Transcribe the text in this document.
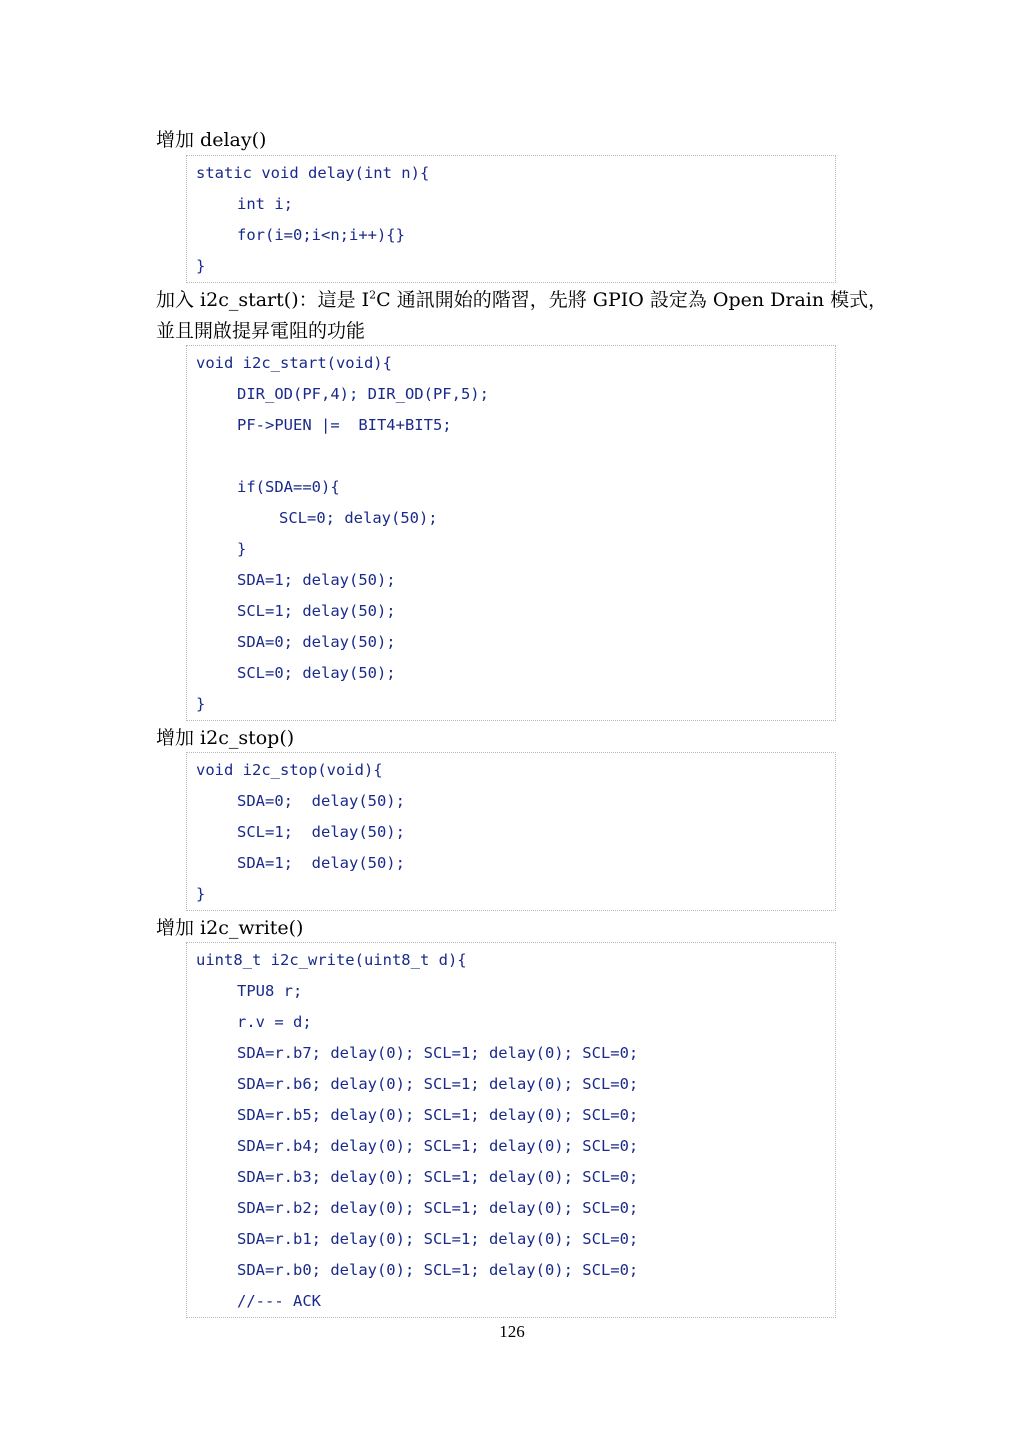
增加 delay()
static void delay(int n){
int i;
for(i=0;i<n;i++){}
}
加入 i2c_start()：這是 $I^2C$ 通訊開始的階習，先將 GPIO 設定為 Open Drain 模式，
並且開啟提昇電阻的功能
void i2c_start(void){
DIR_OD(PF,4); DIR_OD(PF,5);
PF->PUEN |=  BIT4+BIT5;
if(SDA==0){
SCL=0; delay(50);
}
SDA=1; delay(50);
SCL=1; delay(50);
SDA=0; delay(50);
SCL=0; delay(50);
}
增加 i2c_stop()
void i2c_stop(void){
SDA=0;  delay(50);
SCL=1;  delay(50);
SDA=1;  delay(50);
}
增加 i2c_write()
uint8_t i2c_write(uint8_t d){
TPU8 r;
r.v = d;
SDA=r.b7; delay(0); SCL=1; delay(0); SCL=0;
SDA=r.b6; delay(0); SCL=1; delay(0); SCL=0;
SDA=r.b5; delay(0); SCL=1; delay(0); SCL=0;
SDA=r.b4; delay(0); SCL=1; delay(0); SCL=0;
SDA=r.b3; delay(0); SCL=1; delay(0); SCL=0;
SDA=r.b2; delay(0); SCL=1; delay(0); SCL=0;
SDA=r.b1; delay(0); SCL=1; delay(0); SCL=0;
SDA=r.b0; delay(0); SCL=1; delay(0); SCL=0;
//--- ACK
126
